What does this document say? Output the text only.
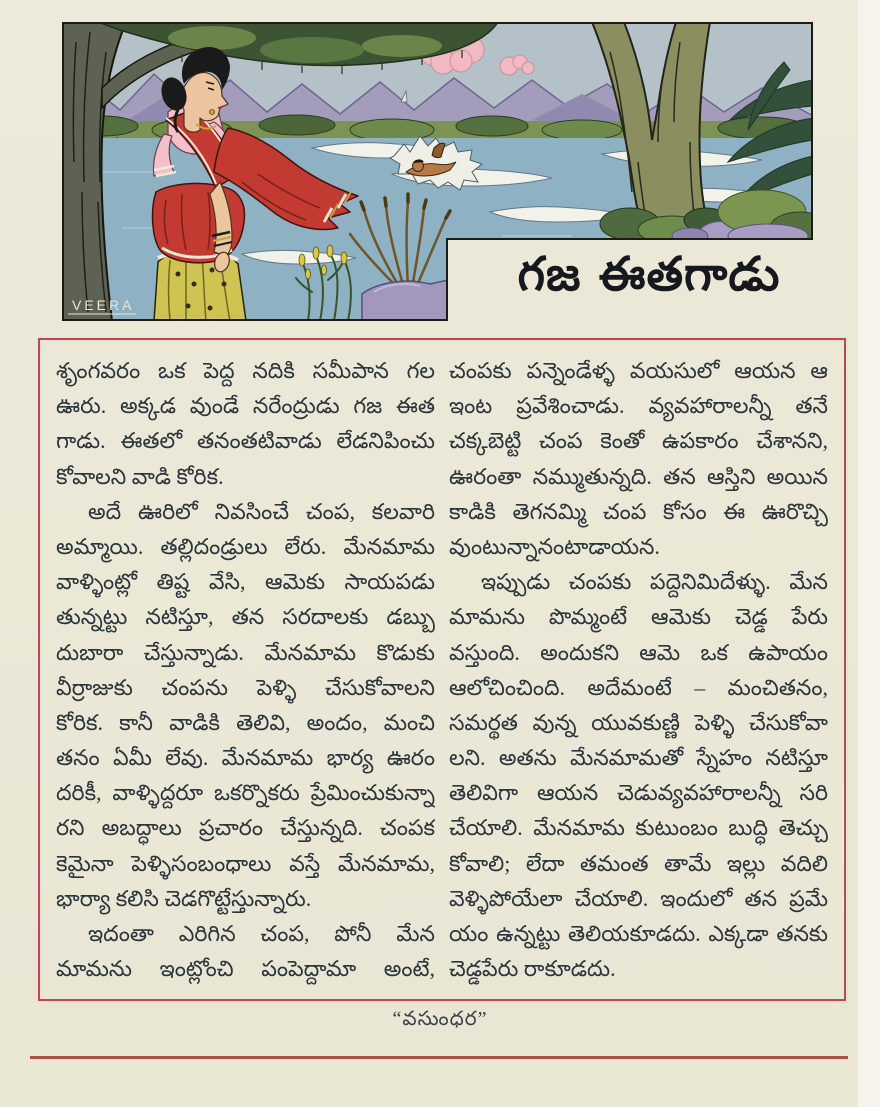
VEERA
గజ ఈతగాడు
శృంగవరం ఒక పెద్ద నదికి సమీపాన గల
ఊరు. అక్కడ వుండే నరేంద్రుడు గజ ఈత
గాడు. ఈతలో తనంతటివాడు లేడనిపించు
కోవాలని వాడి కోరిక.
అదే ఊరిలో నివసించే చంప, కలవారి
అమ్మాయి. తల్లిదండ్రులు లేరు. మేనమామ
వాళ్ళింట్లో తిష్ట వేసి, ఆమెకు సాయపడు
తున్నట్టు నటిస్తూ, తన సరదాలకు డబ్బు
దుబారా చేస్తున్నాడు. మేనమామ కొడుకు
వీర్రాజుకు చంపను పెళ్ళి చేసుకోవాలని
కోరిక. కానీ వాడికి తెలివి, అందం, మంచి
తనం ఏమీ లేవు. మేనమామ భార్య ఊరం
దరికీ, వాళ్ళిద్దరూ ఒకర్నొకరు ప్రేమించుకున్నా
రని అబద్ధాలు ప్రచారం చేస్తున్నది. చంపక
కెమైనా పెళ్ళిసంబంధాలు వస్తే మేనమామ,
భార్యా కలిసి చెడగొట్టేస్తున్నారు.
ఇదంతా ఎరిగిన చంప, పోనీ మేన
మామను ఇంట్లోంచి పంపెద్దామా అంటే,
చంపకు పన్నెండేళ్ళ వయసులో ఆయన ఆ
ఇంట ప్రవేశించాడు. వ్యవహారాలన్నీ తనే
చక్కబెట్టి చంప కెంతో ఉపకారం చేశానని,
ఊరంతా నమ్ముతున్నది. తన ఆస్తిని అయిన
కాడికి తెగనమ్మి చంప కోసం ఈ ఊరొచ్చి
వుంటున్నానంటాడాయన.
ఇప్పుడు చంపకు పద్దెనిమిదేళ్ళు. మేన
మామను పొమ్మంటే ఆమెకు చెడ్డ పేరు
వస్తుంది. అందుకని ఆమె ఒక ఉపాయం
ఆలోచించింది. అదేమంటే – మంచితనం,
సమర్థత వున్న యువకుణ్ణి పెళ్ళి చేసుకోవా
లని. అతను మేనమామతో స్నేహం నటిస్తూ
తెలివిగా ఆయన చెడువ్యవహారాలన్నీ సరి
చేయాలి. మేనమామ కుటుంబం బుద్ధి తెచ్చు
కోవాలి; లేదా తమంత తామే ఇల్లు వదిలి
వెళ్ళిపోయేలా చేయాలి. ఇందులో తన ప్రమే
యం ఉన్నట్టు తెలియకూడదు. ఎక్కడా తనకు
చెడ్డపేరు రాకూడదు.
“వసుంధర”
